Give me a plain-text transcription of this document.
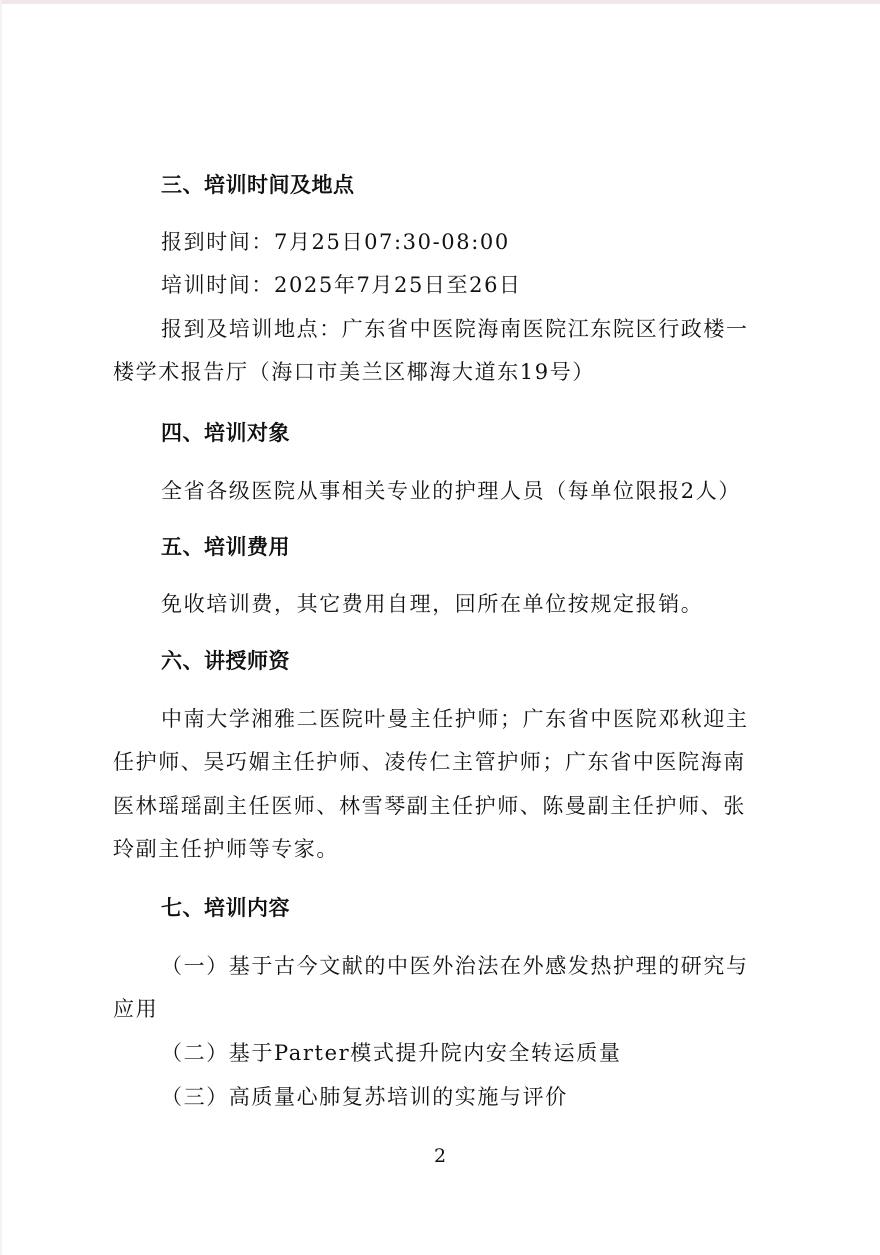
三、培训时间及地点

报到时间：7月25日07:30-08:00

培训时间：2025年7月25日至26日

报到及培训地点：广东省中医院海南医院江东院区行政楼一

楼学术报告厅（海口市美兰区椰海大道东19号）

四、培训对象

全省各级医院从事相关专业的护理人员（每单位限报2人）

五、培训费用

免收培训费，其它费用自理，回所在单位按规定报销。

六、讲授师资

中南大学湘雅二医院叶曼主任护师；广东省中医院邓秋迎主

任护师、吴巧媚主任护师、凌传仁主管护师；广东省中医院海南

医林瑶瑶副主任医师、林雪琴副主任护师、陈曼副主任护师、张

玲副主任护师等专家。

七、培训内容

（一）基于古今文献的中医外治法在外感发热护理的研究与

应用

（二）基于Parter模式提升院内安全转运质量

（三）高质量心肺复苏培训的实施与评价

2
